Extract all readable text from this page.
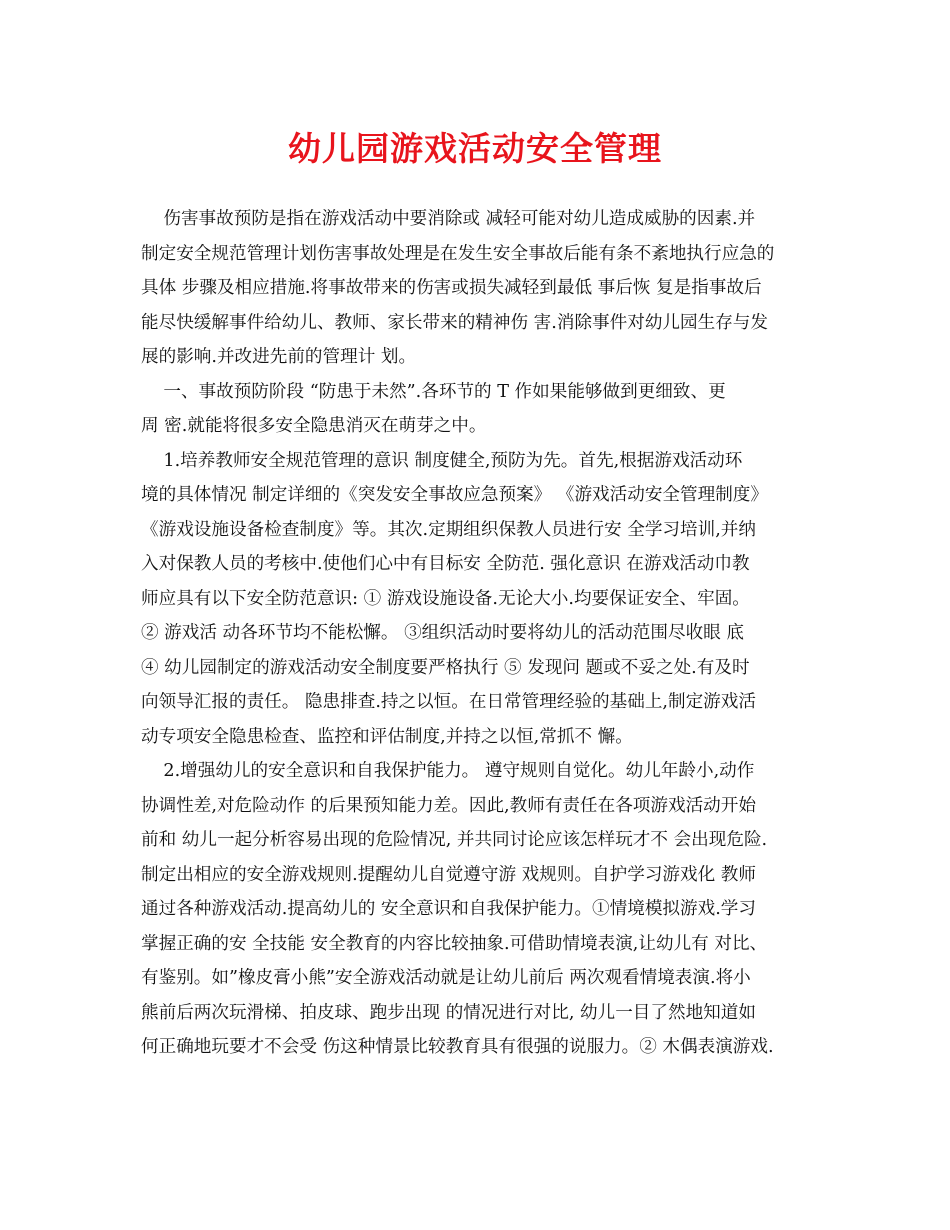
幼儿园游戏活动安全管理
伤害事故预防是指在游戏活动中要消除或 减轻可能对幼儿造成威胁的因素.并
制定安全规范管理计划伤害事故处理是在发生安全事故后能有条不紊地执行应急的
具体 步骤及相应措施.将事故带来的伤害或损失减轻到最低 事后恢 复是指事故后
能尽快缓解事件给幼儿、教师、家长带来的精神伤 害.消除事件对幼儿园生存与发
展的影响.并改进先前的管理计 划。
一、事故预防阶段 “防患于未然”.各环节的 T 作如果能够做到更细致、更
周 密.就能将很多安全隐患消灭在萌芽之中。
1.培养教师安全规范管理的意识 制度健全,预防为先。首先,根据游戏活动环
境的具体情况 制定详细的《突发安全事故应急预案》 《游戏活动安全管理制度》
《游戏设施设备检查制度》等。其次.定期组织保教人员进行安 全学习培训,并纳
入对保教人员的考核中.使他们心中有目标安 全防范. 强化意识 在游戏活动巾教
师应具有以下安全防范意识: ① 游戏设施设备.无论大小.均要保证安全、牢固。
② 游戏活 动各环节均不能松懈。 ③组织活动时要将幼儿的活动范围尽收眼 底
④ 幼儿园制定的游戏活动安全制度要严格执行 ⑤ 发现问 题或不妥之处.有及时
向领导汇报的责任。 隐患排查.持之以恒。在日常管理经验的基础上,制定游戏活
动专项安全隐患检查、监控和评估制度,并持之以恒,常抓不 懈。
2.增强幼儿的安全意识和自我保护能力。 遵守规则自觉化。幼儿年龄小,动作
协调性差,对危险动作 的后果预知能力差。因此,教师有责任在各项游戏活动开始
前和 幼儿一起分析容易出现的危险情况, 并共同讨论应该怎样玩才不 会出现危险.
制定出相应的安全游戏规则.提醒幼儿自觉遵守游 戏规则。自护学习游戏化 教师
通过各种游戏活动.提高幼儿的 安全意识和自我保护能力。①情境模拟游戏.学习
掌握正确的安 全技能 安全教育的内容比较抽象.可借助情境表演,让幼儿有 对比、
有鉴别。如”橡皮膏小熊”安全游戏活动就是让幼儿前后 两次观看情境表演.将小
熊前后两次玩滑梯、拍皮球、跑步出现 的情况进行对比, 幼儿一目了然地知道如
何正确地玩要才不会受 伤这种情景比较教育具有很强的说服力。② 木偶表演游戏.
